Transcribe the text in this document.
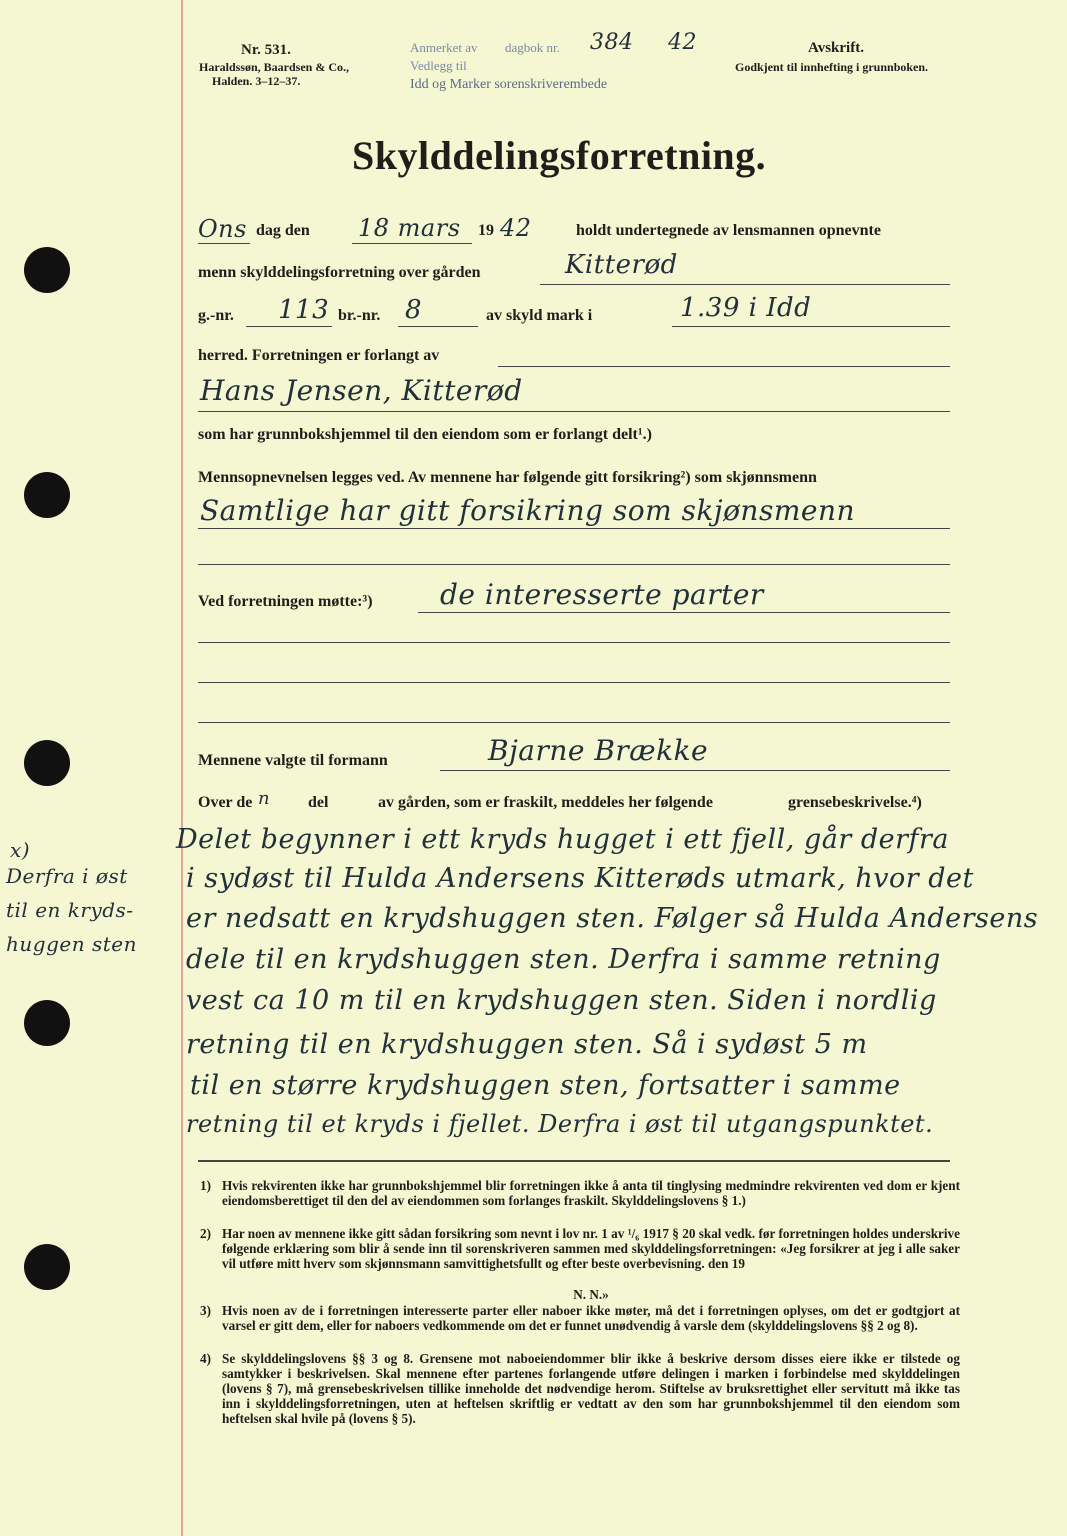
Nr. 531.
Haraldssøn, Baardsen & Co.,
Halden. 3–12–37.
Anmerket av dagbok nr. 384 42
Vedlegg til
Idd og Marker sorenskriverembede
Avskrift.
Godkjent til innhefting i grunnboken.
Skylddelingsforretning.
Ons dag den 18 mars 19 42	holdt undertegnede av lensmannen opnevnte
menn skylddelingsforretning over gården	Kitterød
g.-nr. 113 br.-nr. 8	av skyld mark i	1.39 i Idd
herred. Forretningen er forlangt av
Hans Jensen, Kitterød
som har grunnbokshjemmel til den eiendom som er forlangt delt¹.)
Mennsopnevnelsen legges ved. Av mennene har følgende gitt forsikring²) som skjønnsmenn
Samtlige har gitt forsikring som skjønsmenn
Ved forretningen møtte:³) de interesserte parter
Mennene valgte til formann	Bjarne Brække
Over de n del	av gården, som er fraskilt, meddeles her følgende	grensebeskrivelse.⁴)
Delet begynner i ett kryds hugget i ett fjell, går derfra
i sydøst til Hulda Andersens Kitterøds utmark, hvor det
er nedsatt en krydshuggen sten. Følger så Hulda Andersens
dele til en krydshuggen sten. Derfra i samme retning
vest ca 10 m til en krydshuggen sten. Siden i nordlig
retning til en krydshuggen sten. Så i sydøst 5 m
til en større krydshuggen sten, fortsatter i samme
retning til et kryds i fjellet. Derfra i øst til utgangspunktet.
x)
Derfra i øst
til en kryds-
huggen sten
1) Hvis rekvirenten ikke har grunnbokshjemmel blir forretningen ikke å anta til tinglysing medmindre rekvirenten ved dom er kjent eiendomsberettiget til den del av eiendommen som forlanges fraskilt. Skylddelingslovens § 1.)
2) Har noen av mennene ikke gitt sådan forsikring som nevnt i lov nr. 1 av ¹/₆ 1917 § 20 skal vedk. før forretningen holdes underskrive følgende erklæring som blir å sende inn til sorenskriveren sammen med skylddelingsforretningen: «Jeg forsikrer at jeg i alle saker vil utføre mitt hverv som skjønnsmann samvittighetsfullt og efter beste overbevisning. den 19
N. N.»
3) Hvis noen av de i forretningen interesserte parter eller naboer ikke møter, må det i forretningen oplyses, om det er godtgjort at varsel er gitt dem, eller for naboers vedkommende om det er funnet unødvendig å varsle dem (skylddelingslovens §§ 2 og 8).
4) Se skylddelingslovens §§ 3 og 8. Grensene mot naboeiendommer blir ikke å beskrive dersom disses eiere ikke er tilstede og samtykker i beskrivelsen. Skal mennene efter partenes forlangende utføre delingen i marken i forbindelse med skylddelingen (lovens § 7), må grensebeskrivelsen tillike inneholde det nødvendige herom. Stiftelse av bruksrettighet eller servitutt må ikke tas inn i skylddelingsforretningen, uten at heftelsen skriftlig er vedtatt av den som har grunnbokshjemmel til den eiendom som heftelsen skal hvile på (lovens § 5).
